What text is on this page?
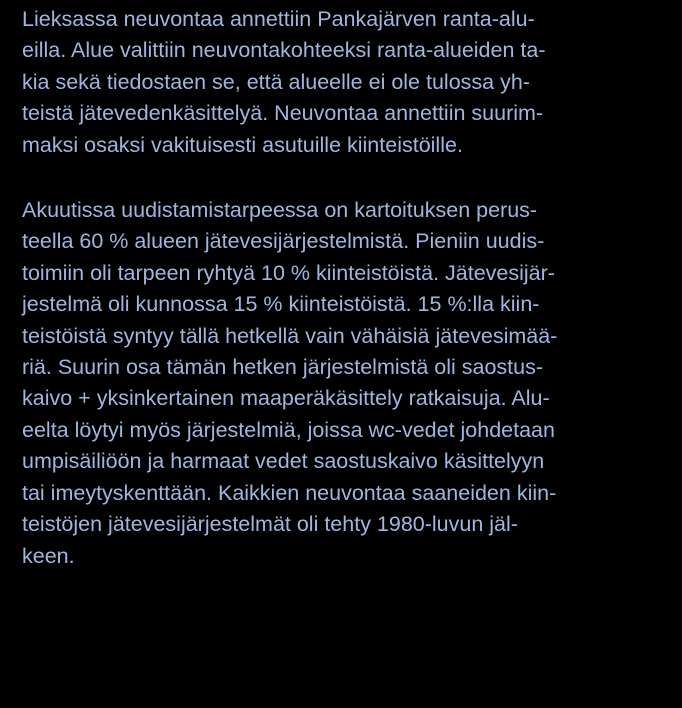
Lieksassa neuvontaa annettiin Pankajärven ranta-alu-
eilla. Alue valittiin neuvontakohteeksi ranta-alueiden ta-
kia sekä tiedostaen se, että alueelle ei ole tulossa yh-
teistä jätevedenkäsittelyä. Neuvontaa annettiin suurim-
maksi osaksi vakituisesti asutuille kiinteistöille.

Akuutissa uudistamistarpeessa on kartoituksen perus-
teella 60 % alueen jätevesijärjestelmistä. Pieniin uudis-
toimiin oli tarpeen ryhtyä 10 % kiinteistöistä. Jätevesijär-
jestelmä oli kunnossa 15 % kiinteistöistä. 15 %:lla kiin-
teistöistä syntyy tällä hetkellä vain vähäisiä jätevesimää-
riä. Suurin osa tämän hetken järjestelmistä oli saostus-
kaivo + yksinkertainen maaperäkäsittely ratkaisuja. Alu-
eelta löytyi myös järjestelmiä, joissa wc-vedet johdetaan
umpisäiliöön ja harmaat vedet saostuskaivo käsittelyyn
tai imeytyskenttään. Kaikkien neuvontaa saaneiden kiin-
teistöjen jätevesijärjestelmät oli tehty 1980-luvun jäl-
keen.
